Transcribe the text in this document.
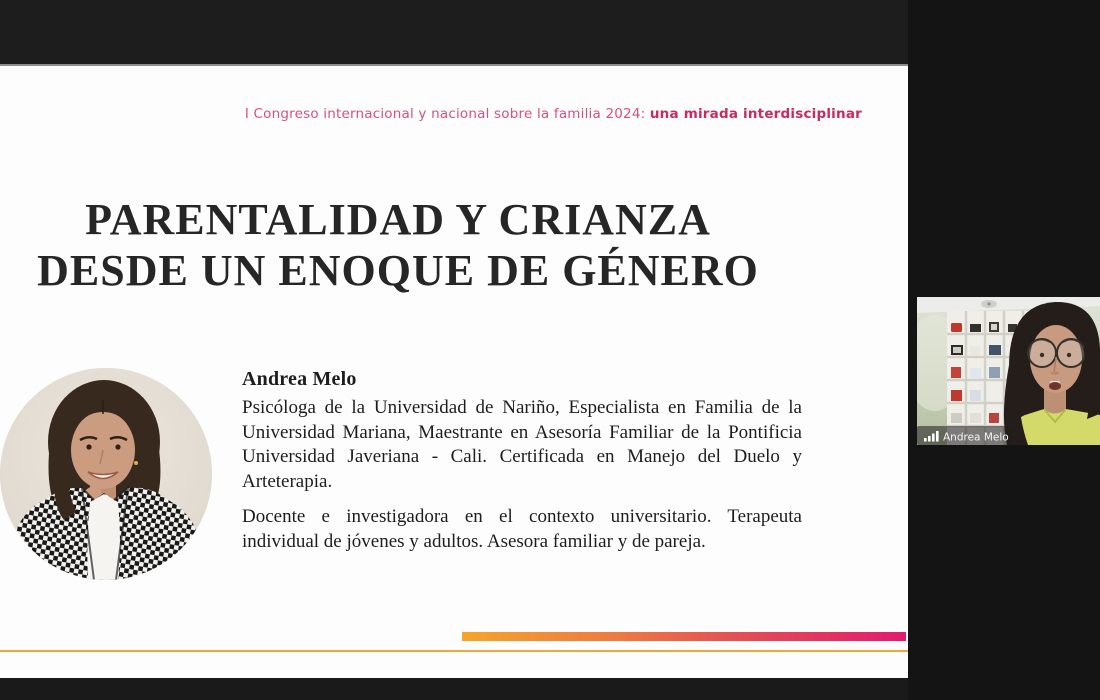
I Congreso internacional y nacional sobre la familia 2024: una mirada interdisciplinar
PARENTALIDAD Y CRIANZA
DESDE UN ENOQUE DE GÉNERO
Andrea Melo

Psicóloga de la Universidad de Nariño, Especialista en Familia de la Universidad Mariana, Maestrante en Asesoría Familiar de la Pontificia Universidad Javeriana - Cali. Certificada en Manejo del Duelo y Arteterapia.

Docente e investigadora en el contexto universitario. Terapeuta individual de jóvenes y adultos. Asesora familiar y de pareja.

Andrea Melo
